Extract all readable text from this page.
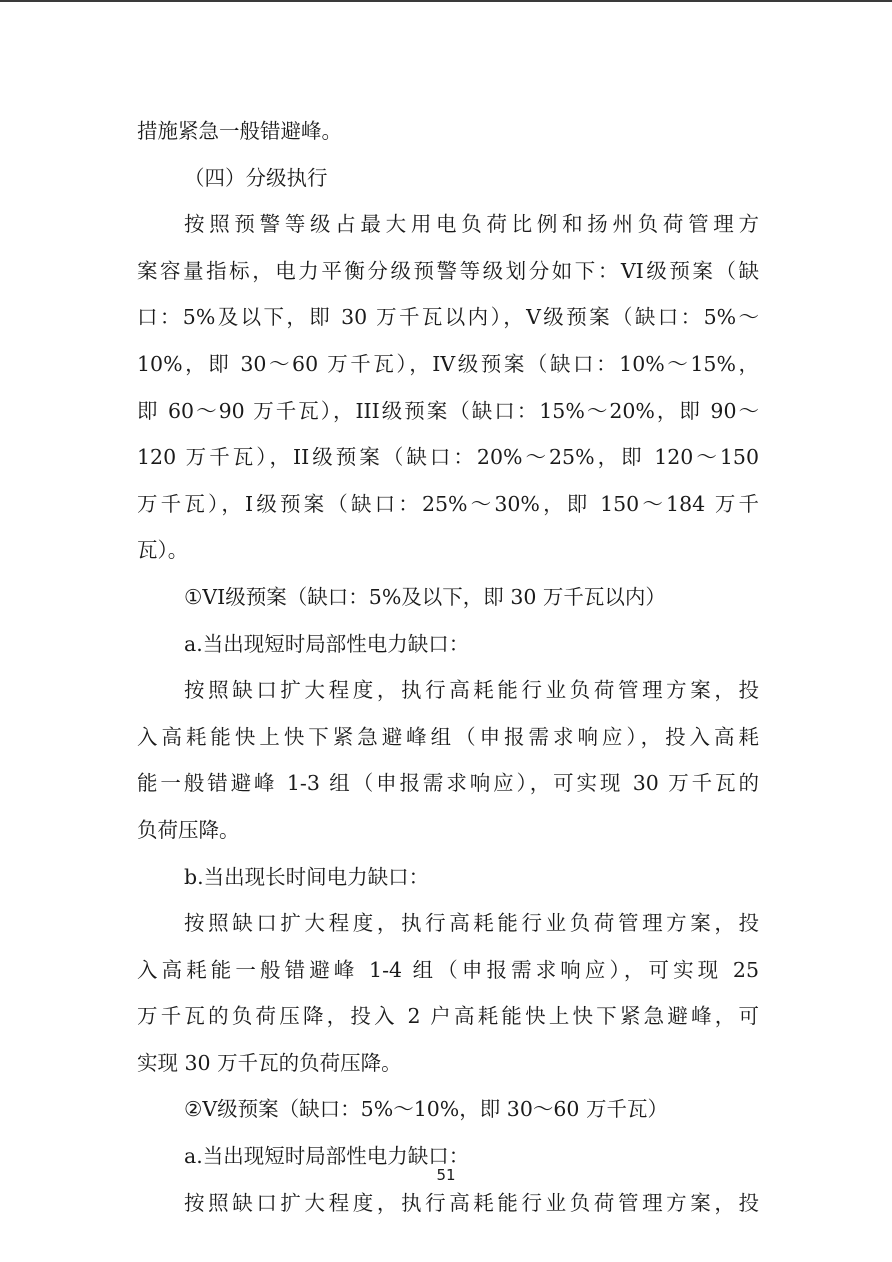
措施紧急一般错避峰。
（四）分级执行
按照预警等级占最大用电负荷比例和扬州负荷管理方
案容量指标，电力平衡分级预警等级划分如下：VI级预案（缺
口：5%及以下，即 30 万千瓦以内），V级预案（缺口：5%～
10%，即 30～60 万千瓦），IV级预案（缺口：10%～15%，
即 60～90 万千瓦），III级预案（缺口：15%～20%，即 90～
120 万千瓦），II级预案（缺口：20%～25%，即 120～150
万千瓦），I级预案（缺口：25%～30%，即 150～184 万千
瓦）。
①VI级预案（缺口：5%及以下，即 30 万千瓦以内）
a.当出现短时局部性电力缺口：
按照缺口扩大程度，执行高耗能行业负荷管理方案，投
入高耗能快上快下紧急避峰组（申报需求响应），投入高耗
能一般错避峰 1-3 组（申报需求响应），可实现 30 万千瓦的
负荷压降。
b.当出现长时间电力缺口：
按照缺口扩大程度，执行高耗能行业负荷管理方案，投
入高耗能一般错避峰 1-4 组（申报需求响应），可实现 25
万千瓦的负荷压降，投入 2 户高耗能快上快下紧急避峰，可
实现 30 万千瓦的负荷压降。
②V级预案（缺口：5%～10%，即 30～60 万千瓦）
a.当出现短时局部性电力缺口：
按照缺口扩大程度，执行高耗能行业负荷管理方案，投
51
